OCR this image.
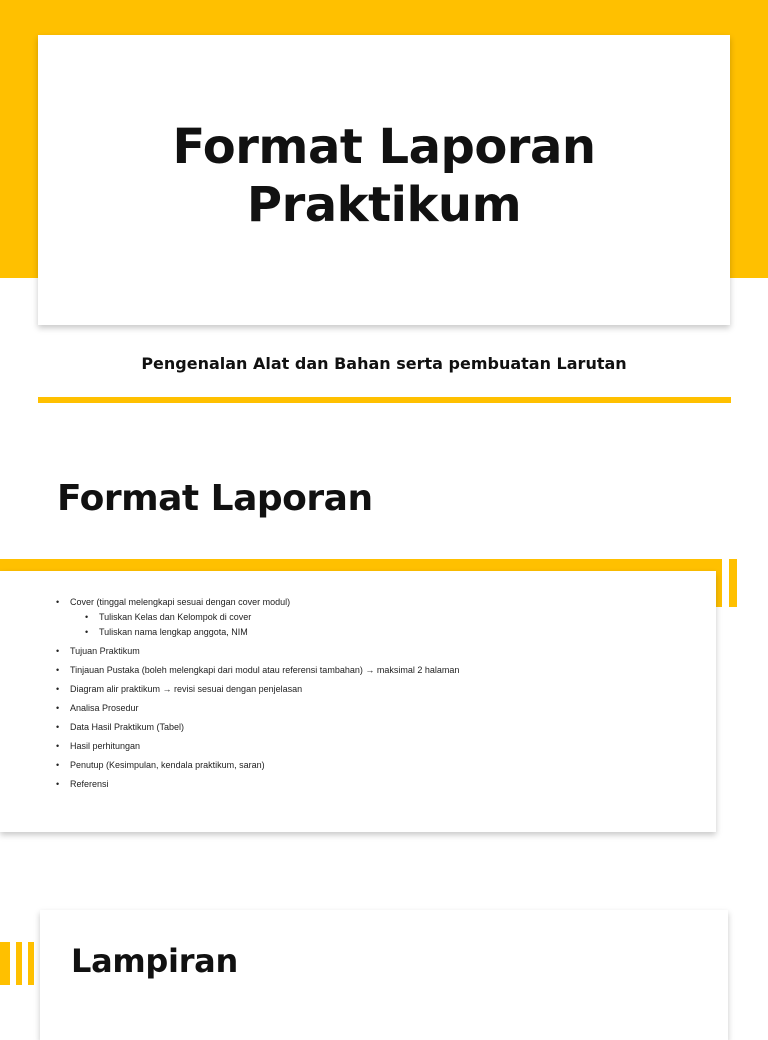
Format Laporan
Praktikum

Pengenalan Alat dan Bahan serta pembuatan Larutan

Format Laporan
• Cover (tinggal melengkapi sesuai dengan cover modul)
• Tuliskan Kelas dan Kelompok di cover
• Tuliskan nama lengkap anggota, NIM
• Tujuan Praktikum
• Tinjauan Pustaka (boleh melengkapi dari modul atau referensi tambahan) → maksimal 2 halaman
• Diagram alir praktikum → revisi sesuai dengan penjelasan
• Analisa Prosedur
• Data Hasil Praktikum (Tabel)
• Hasil perhitungan
• Penutup (Kesimpulan, kendala praktikum, saran)
• Referensi
Lampiran
